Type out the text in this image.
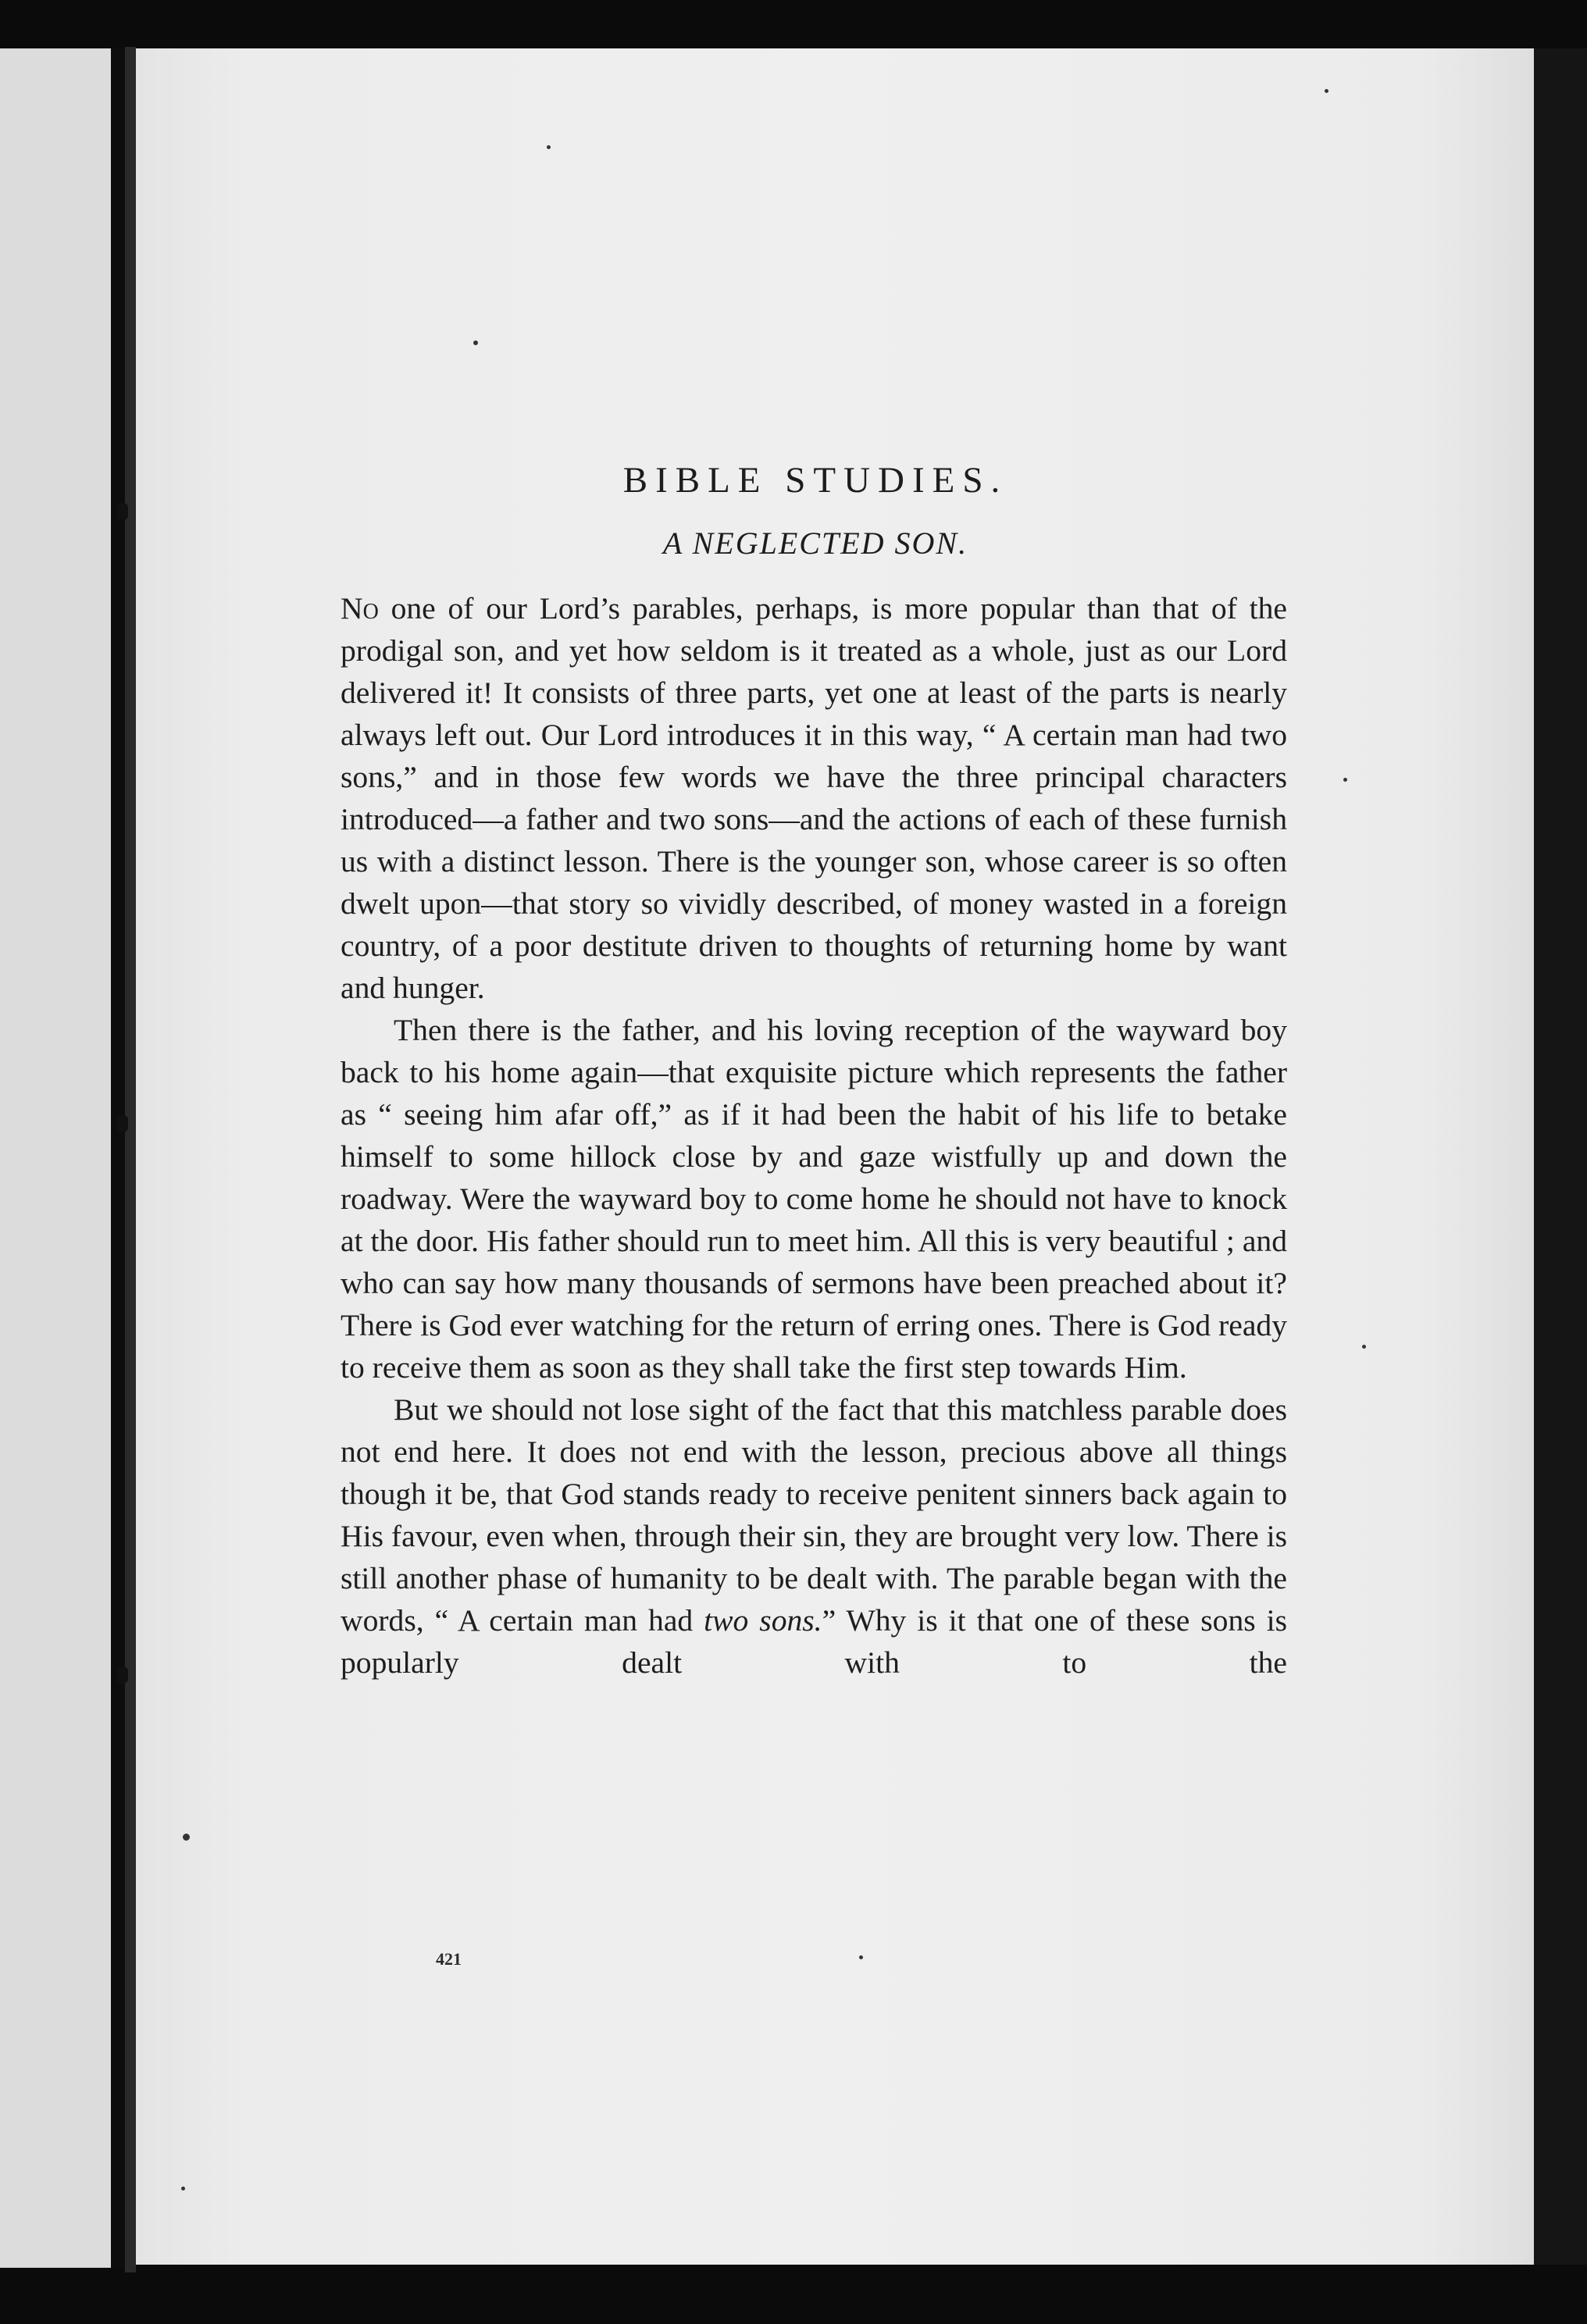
BIBLE STUDIES.
A NEGLECTED SON.

No one of our Lord’s parables, perhaps, is more popular than that of the prodigal son, and yet how seldom is it treated as a whole, just as our Lord delivered it! It consists of three parts, yet one at least of the parts is nearly always left out. Our Lord introduces it in this way, “ A certain man had two sons,” and in those few words we have the three principal characters introduced—a father and two sons—and the actions of each of these furnish us with a distinct lesson. There is the younger son, whose career is so often dwelt upon—that story so vividly described, of money wasted in a foreign country, of a poor destitute driven to thoughts of returning home by want and hunger.

Then there is the father, and his loving reception of the wayward boy back to his home again—that exquisite picture which represents the father as “ seeing him afar off,” as if it had been the habit of his life to betake himself to some hillock close by and gaze wistfully up and down the roadway. Were the wayward boy to come home he should not have to knock at the door. His father should run to meet him. All this is very beautiful ; and who can say how many thousands of sermons have been preached about it? There is God ever watching for the return of erring ones. There is God ready to receive them as soon as they shall take the first step towards Him.

But we should not lose sight of the fact that this matchless parable does not end here. It does not end with the lesson, precious above all things though it be, that God stands ready to receive penitent sinners back again to His favour, even when, through their sin, they are brought very low. There is still another phase of humanity to be dealt with. The parable began with the words, “ A certain man had two sons.” Why is it that one of these sons is popularly dealt with to the

421
